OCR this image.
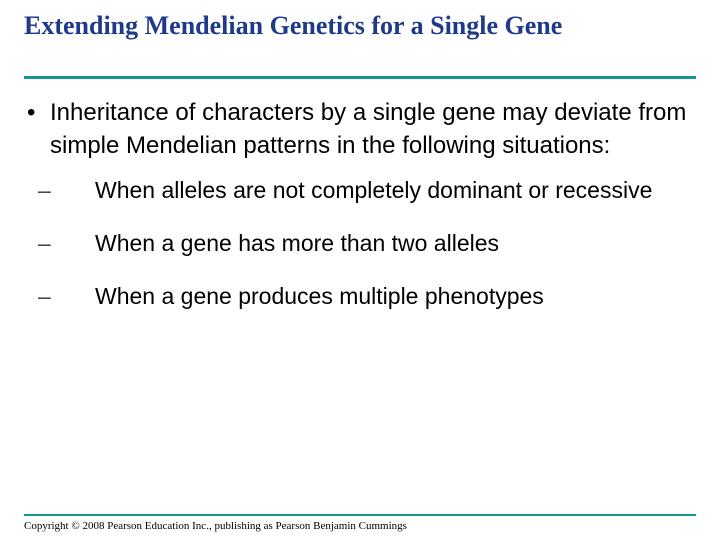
Extending Mendelian Genetics for a Single Gene

• Inheritance of characters by a single gene may deviate from simple Mendelian patterns in the following situations:

– When alleles are not completely dominant or recessive

– When a gene has more than two alleles

– When a gene produces multiple phenotypes

Copyright © 2008 Pearson Education Inc., publishing as Pearson Benjamin Cummings
